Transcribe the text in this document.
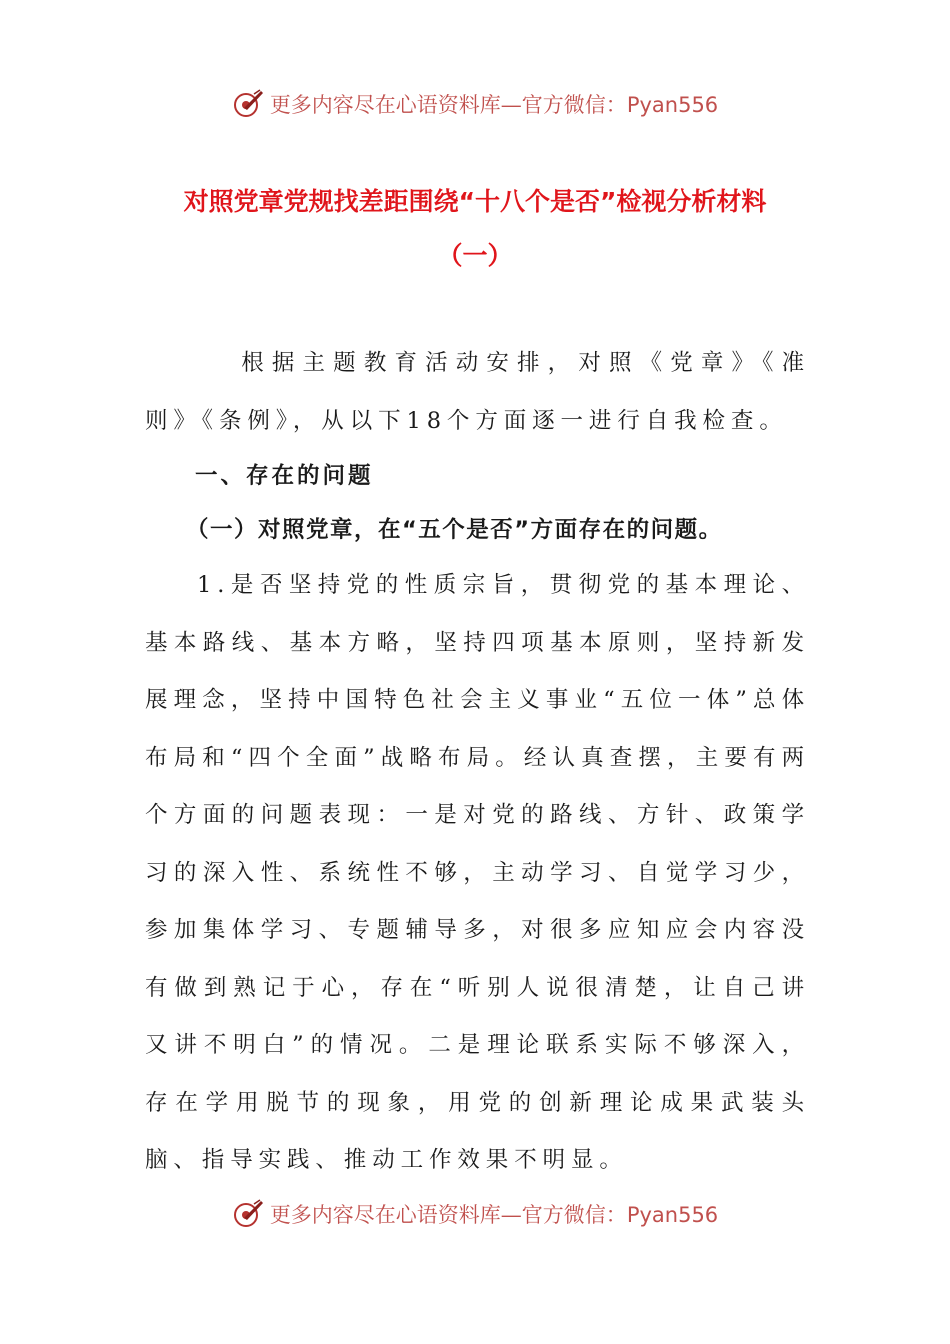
更多内容尽在心语资料库—官方微信：Pyan556
对照党章党规找差距围绕“十八个是否”检视分析材料
（一）
根据主题教育活动安排，对照《党章》《准则》《条例》，从以下18个方面逐一进行自我检查。
一、存在的问题
（一）对照党章，在“五个是否”方面存在的问题。
1.是否坚持党的性质宗旨，贯彻党的基本理论、基本路线、基本方略，坚持四项基本原则，坚持新发展理念，坚持中国特色社会主义事业“五位一体”总体布局和“四个全面”战略布局。经认真查摆，主要有两个方面的问题表现：一是对党的路线、方针、政策学习的深入性、系统性不够，主动学习、自觉学习少，参加集体学习、专题辅导多，对很多应知应会内容没有做到熟记于心，存在“听别人说很清楚，让自己讲又讲不明白”的情况。二是理论联系实际不够深入，存在学用脱节的现象，用党的创新理论成果武装头脑、指导实践、推动工作效果不明显。
更多内容尽在心语资料库—官方微信：Pyan556
